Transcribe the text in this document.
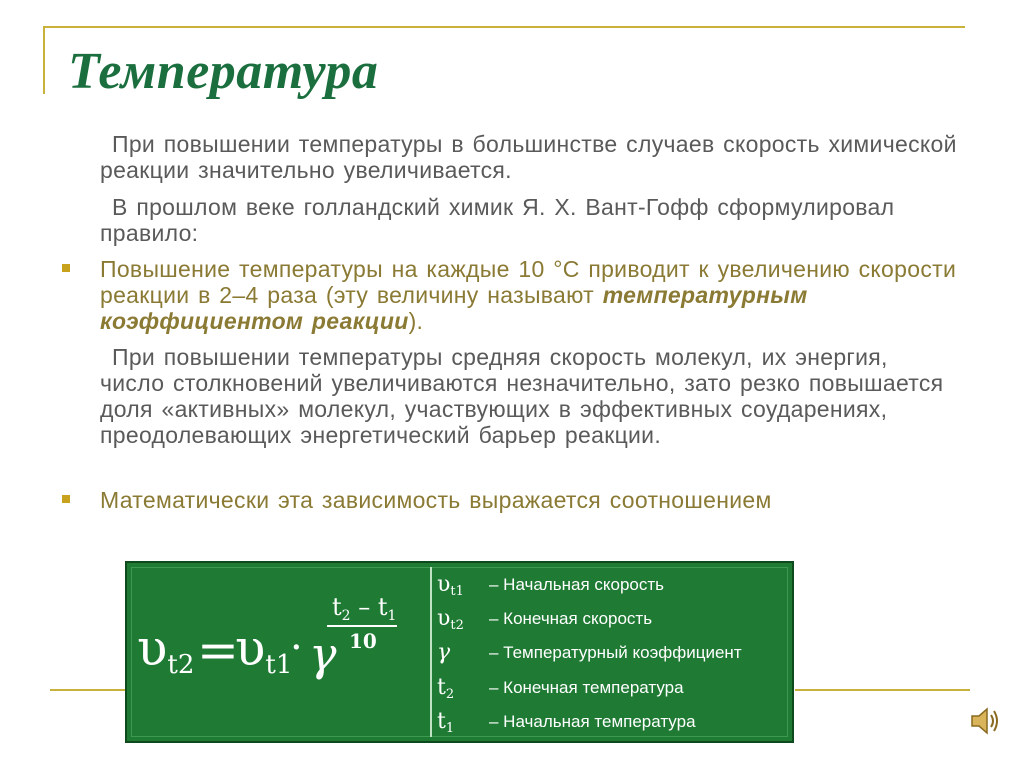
Температура

При повышении температуры в большинстве случаев скорость химической реакции значительно увеличивается.

В прошлом веке голландский химик Я. Х. Вант-Гофф сформулировал правило:

Повышение температуры на каждые 10 °С приводит к увеличению скорости реакции в 2–4 раза (эту величину называют температурным коэффициентом реакции).

При повышении температуры средняя скорость молекул, их энергия, число столкновений увеличиваются незначительно, зато резко повышается доля «активных» молекул, участвующих в эффективных соударениях, преодолевающих энергетический барьер реакции.

Математически эта зависимость выражается соотношением

$\upsilon_{t2}$ =
$\upsilon_{t1}$
· γ
$t_2 - t_1$
10
$\upsilon_{t1}$	– Начальная скорость
$\upsilon_{t2}$	– Конечная скорость
γ	– Температурный коэффициент
$t_2$	– Конечная температура
$t_1$	– Начальная температура
